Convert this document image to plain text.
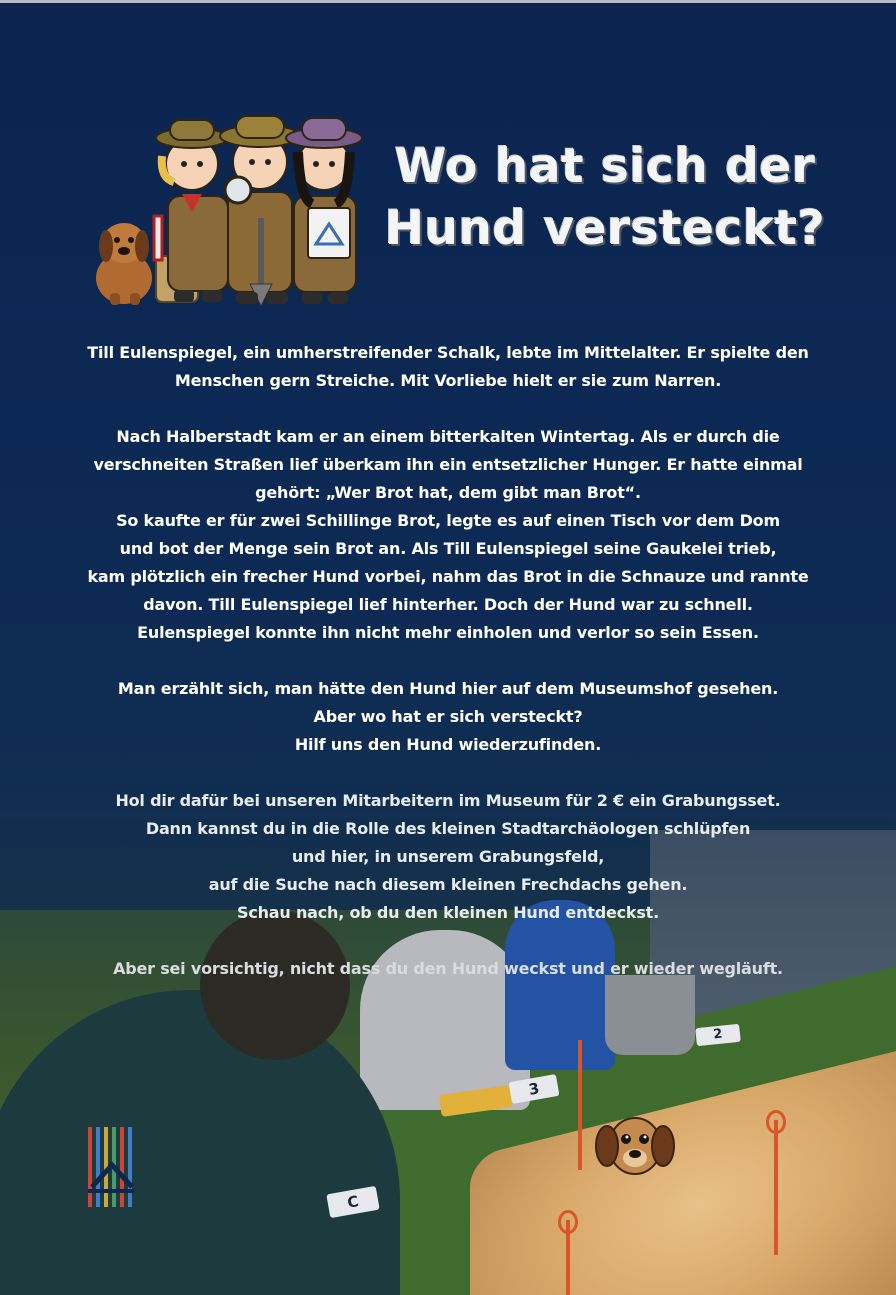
3
2
C
Wo hat sich der
Hund versteckt?

Till Eulenspiegel, ein umherstreifender Schalk, lebte im Mittelalter. Er spielte den
Menschen gern Streiche. Mit Vorliebe hielt er sie zum Narren.

Nach Halberstadt kam er an einem bitterkalten Wintertag. Als er durch die
verschneiten Straßen lief überkam ihn ein entsetzlicher Hunger. Er hatte einmal
gehört: „Wer Brot hat, dem gibt man Brot“.
So kaufte er für zwei Schillinge Brot, legte es auf einen Tisch vor dem Dom
und bot der Menge sein Brot an. Als Till Eulenspiegel seine Gaukelei trieb,
kam plötzlich ein frecher Hund vorbei, nahm das Brot in die Schnauze und rannte
davon. Till Eulenspiegel lief hinterher. Doch der Hund war zu schnell.
Eulenspiegel konnte ihn nicht mehr einholen und verlor so sein Essen.

Man erzählt sich, man hätte den Hund hier auf dem Museumshof gesehen.
Aber wo hat er sich versteckt?
Hilf uns den Hund wiederzufinden.

Hol dir dafür bei unseren Mitarbeitern im Museum für 2 € ein Grabungsset.
Dann kannst du in die Rolle des kleinen Stadtarchäologen schlüpfen
und hier, in unserem Grabungsfeld,
auf die Suche nach diesem kleinen Frechdachs gehen.
Schau nach, ob du den kleinen Hund entdeckst.

Aber sei vorsichtig, nicht dass du den Hund weckst und er wieder wegläuft.
